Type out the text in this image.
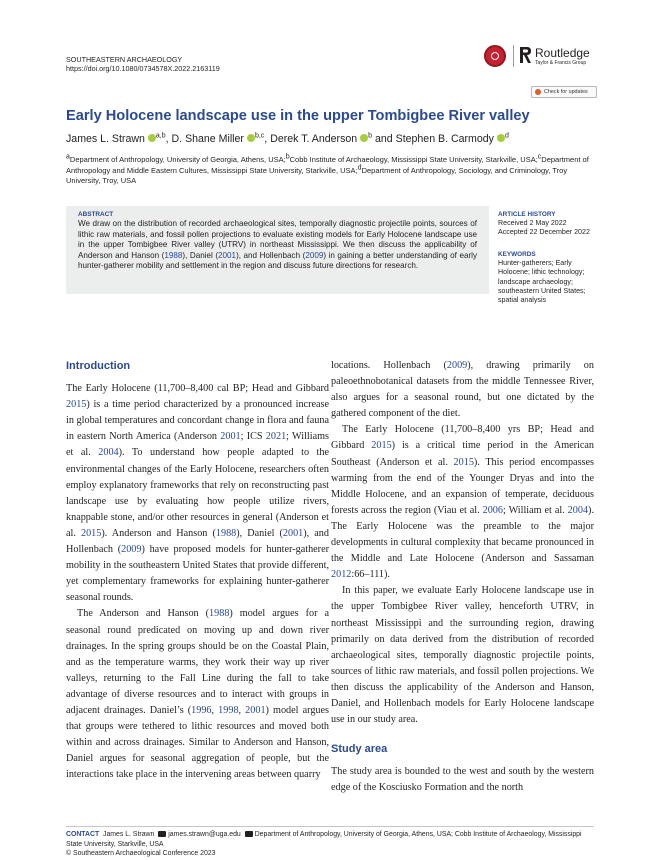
SOUTHEASTERN ARCHAEOLOGY
https://doi.org/10.1080/0734578X.2022.2163119
Routledge
Taylor & Francis Group
Check for updates
Early Holocene landscape use in the upper Tombigbee River valley
James L. Strawn $^{a,b}$, D. Shane Miller $^{b,c}$, Derek T. Anderson $^b$ and Stephen B. Carmody $^d$
$^a$Department of Anthropology, University of Georgia, Athens, USA;$^b$Cobb Institute of Archaeology, Mississippi State University, Starkville, USA;$^c$Department of Anthropology and Middle Eastern Cultures, Mississippi State University, Starkville, USA;$^d$Department of Anthropology, Sociology, and Criminology, Troy University, Troy, USA
ABSTRACT
We draw on the distribution of recorded archaeological sites, temporally diagnostic projectile points, sources of lithic raw materials, and fossil pollen projections to evaluate existing models for Early Holocene landscape use in the upper Tombigbee River valley (UTRV) in northeast Mississippi. We then discuss the applicability of Anderson and Hanson (1988), Daniel (2001), and Hollenbach (2009) in gaining a better understanding of early hunter-gatherer mobility and settlement in the region and discuss future directions for research.
ARTICLE HISTORY
Received 2 May 2022
Accepted 22 December 2022
KEYWORDS
Hunter-gatherers; Early Holocene; lithic technology; landscape archaeology; southeastern United States; spatial analysis
Introduction

The Early Holocene (11,700–8,400 cal BP; Head and Gibbard 2015) is a time period characterized by a pronounced increase in global temperatures and concordant change in flora and fauna in eastern North America (Anderson 2001; ICS 2021; Williams et al. 2004). To understand how people adapted to the environmental changes of the Early Holocene, researchers often employ explanatory frameworks that rely on reconstructing past landscape use by evaluating how people utilize rivers, knappable stone, and/or other resources in general (Anderson et al. 2015). Anderson and Hanson (1988), Daniel (2001), and Hollenbach (2009) have proposed models for hunter-gatherer mobility in the southeastern United States that provide different, yet complementary frameworks for explaining hunter-gatherer seasonal rounds.

The Anderson and Hanson (1988) model argues for a seasonal round predicated on moving up and down river drainages. In the spring groups should be on the Coastal Plain, and as the temperature warms, they work their way up river valleys, returning to the Fall Line during the fall to take advantage of diverse resources and to interact with groups in adjacent drainages. Daniel’s (1996, 1998, 2001) model argues that groups were tethered to lithic resources and moved both within and across drainages. Similar to Anderson and Hanson, Daniel argues for seasonal aggregation of people, but the interactions take place in the intervening areas between quarry

locations. Hollenbach (2009), drawing primarily on paleoethnobotanical datasets from the middle Tennessee River, also argues for a seasonal round, but one dictated by the gathered component of the diet.

The Early Holocene (11,700–8,400 yrs BP; Head and Gibbard 2015) is a critical time period in the American Southeast (Anderson et al. 2015). This period encompasses warming from the end of the Younger Dryas and into the Middle Holocene, and an expansion of temperate, deciduous forests across the region (Viau et al. 2006; William et al. 2004). The Early Holocene was the preamble to the major developments in cultural complexity that became pronounced in the Middle and Late Holocene (Anderson and Sassaman 2012:66–111).

In this paper, we evaluate Early Holocene landscape use in the upper Tombigbee River valley, henceforth UTRV, in northeast Mississippi and the surrounding region, drawing primarily on data derived from the distribution of recorded archaeological sites, temporally diagnostic projectile points, sources of lithic raw materials, and fossil pollen projections. We then discuss the applicability of the Anderson and Hanson, Daniel, and Hollenbach models for Early Holocene landscape use in our study area.

Study area

The study area is bounded to the west and south by the western edge of the Kosciusko Formation and the north

CONTACT James L. Strawn james.strawn@uga.edu Department of Anthropology, University of Georgia, Athens, USA; Cobb Institute of Archaeology, Mississippi State University, Starkville, USA
© Southeastern Archaeological Conference 2023
